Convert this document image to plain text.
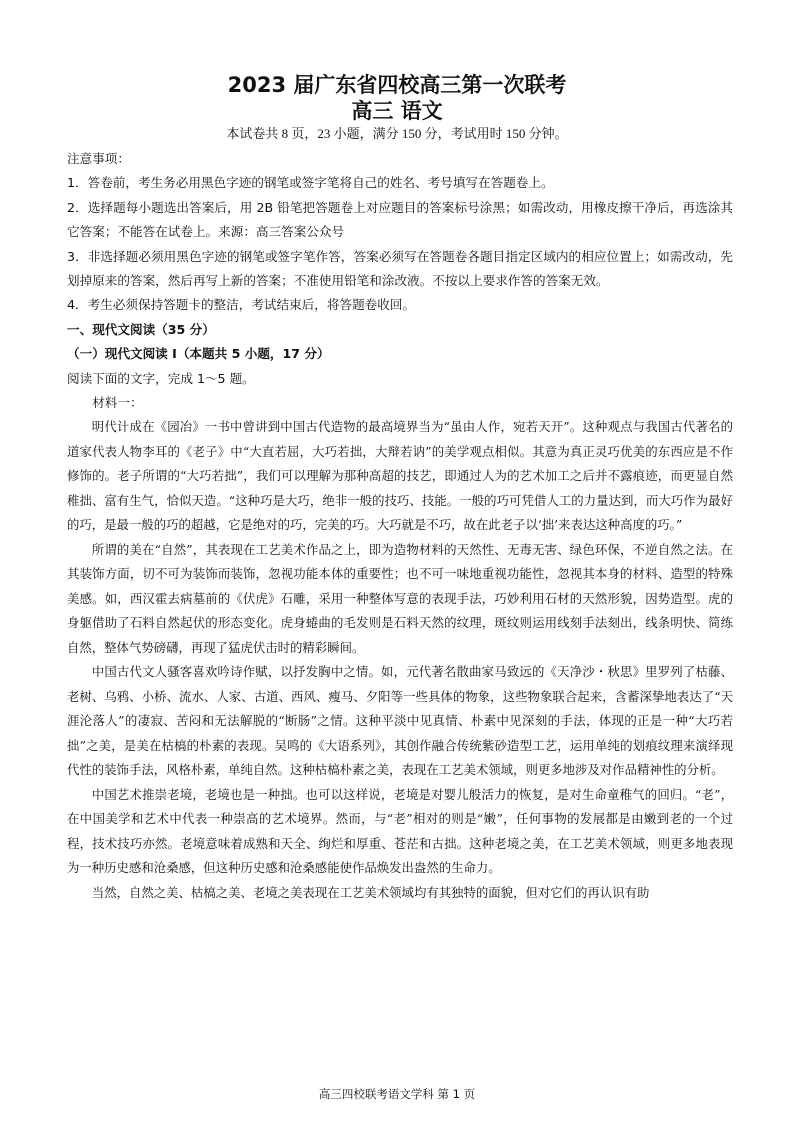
2023 届广东省四校高三第一次联考
高三 语文
本试卷共 8 页，23 小题，满分 150 分，考试用时 150 分钟。

注意事项：

1．答卷前，考生务必用黑色字迹的钢笔或签字笔将自己的姓名、考号填写在答题卷上。

2．选择题每小题选出答案后，用 2B 铅笔把答题卷上对应题目的答案标号涂黑；如需改动，用橡皮擦干净后，再选涂其它答案；不能答在试卷上。来源：高三答案公众号

3．非选择题必须用黑色字迹的钢笔或签字笔作答，答案必须写在答题卷各题目指定区域内的相应位置上；如需改动，先划掉原来的答案，然后再写上新的答案；不准使用铅笔和涂改液。不按以上要求作答的答案无效。

4．考生必须保持答题卡的整洁，考试结束后，将答题卷收回。

一、现代文阅读（35 分）

（一）现代文阅读 I（本题共 5 小题，17 分）

阅读下面的文字，完成 1～5 题。

材料一：

明代计成在《园冶》一书中曾讲到中国古代造物的最高境界当为“虽由人作，宛若天开”。这种观点与我国古代著名的道家代表人物李耳的《老子》中“大直若屈，大巧若拙，大辩若讷”的美学观点相似。其意为真正灵巧优美的东西应是不作修饰的。老子所谓的“大巧若拙”，我们可以理解为那种高超的技艺，即通过人为的艺术加工之后并不露痕迹，而更显自然稚拙、富有生气，恰似天造。“这种巧是大巧，绝非一般的技巧、技能。一般的巧可凭借人工的力量达到，而大巧作为最好的巧，是最一般的巧的超越，它是绝对的巧，完美的巧。大巧就是不巧，故在此老子以‘拙’来表达这种高度的巧。”

所谓的美在“自然”，其表现在工艺美术作品之上，即为造物材料的天然性、无毒无害、绿色环保，不逆自然之法。在其装饰方面，切不可为装饰而装饰，忽视功能本体的重要性；也不可一味地重视功能性，忽视其本身的材料、造型的特殊美感。如，西汉霍去病墓前的《伏虎》石雕，采用一种整体写意的表现手法，巧妙利用石材的天然形貌，因势造型。虎的身躯借助了石料自然起伏的形态变化。虎身蜷曲的毛发则是石料天然的纹理，斑纹则运用线刻手法刻出，线条明快、简练自然，整体气势磅礴，再现了猛虎伏击时的精彩瞬间。

中国古代文人骚客喜欢吟诗作赋，以抒发胸中之情。如，元代著名散曲家马致远的《天净沙・秋思》里罗列了枯藤、老树、乌鸦、小桥、流水、人家、古道、西风、瘦马、夕阳等一些具体的物象，这些物象联合起来，含蓄深挚地表达了“天涯沦落人”的凄寂、苦闷和无法解脱的“断肠”之情。这种平淡中见真情、朴素中见深刻的手法，体现的正是一种“大巧若拙”之美，是美在枯槁的朴素的表现。吴鸣的《大语系列》，其创作融合传统紫砂造型工艺，运用单纯的划痕纹理来演绎现代性的装饰手法，风格朴素，单纯自然。这种枯槁朴素之美，表现在工艺美术领域，则更多地涉及对作品精神性的分析。

中国艺术推崇老境，老境也是一种拙。也可以这样说，老境是对婴儿般活力的恢复，是对生命童稚气的回归。“老”，在中国美学和艺术中代表一种崇高的艺术境界。然而，与“老”相对的则是“嫩”，任何事物的发展都是由嫩到老的一个过程，技术技巧亦然。老境意味着成熟和天全、绚烂和厚重、苍茫和古拙。这种老境之美，在工艺美术领域，则更多地表现为一种历史感和沧桑感，但这种历史感和沧桑感能使作品焕发出盎然的生命力。

当然，自然之美、枯槁之美、老境之美表现在工艺美术领域均有其独特的面貌，但对它们的再认识有助

高三四校联考语文学科 第 1 页
